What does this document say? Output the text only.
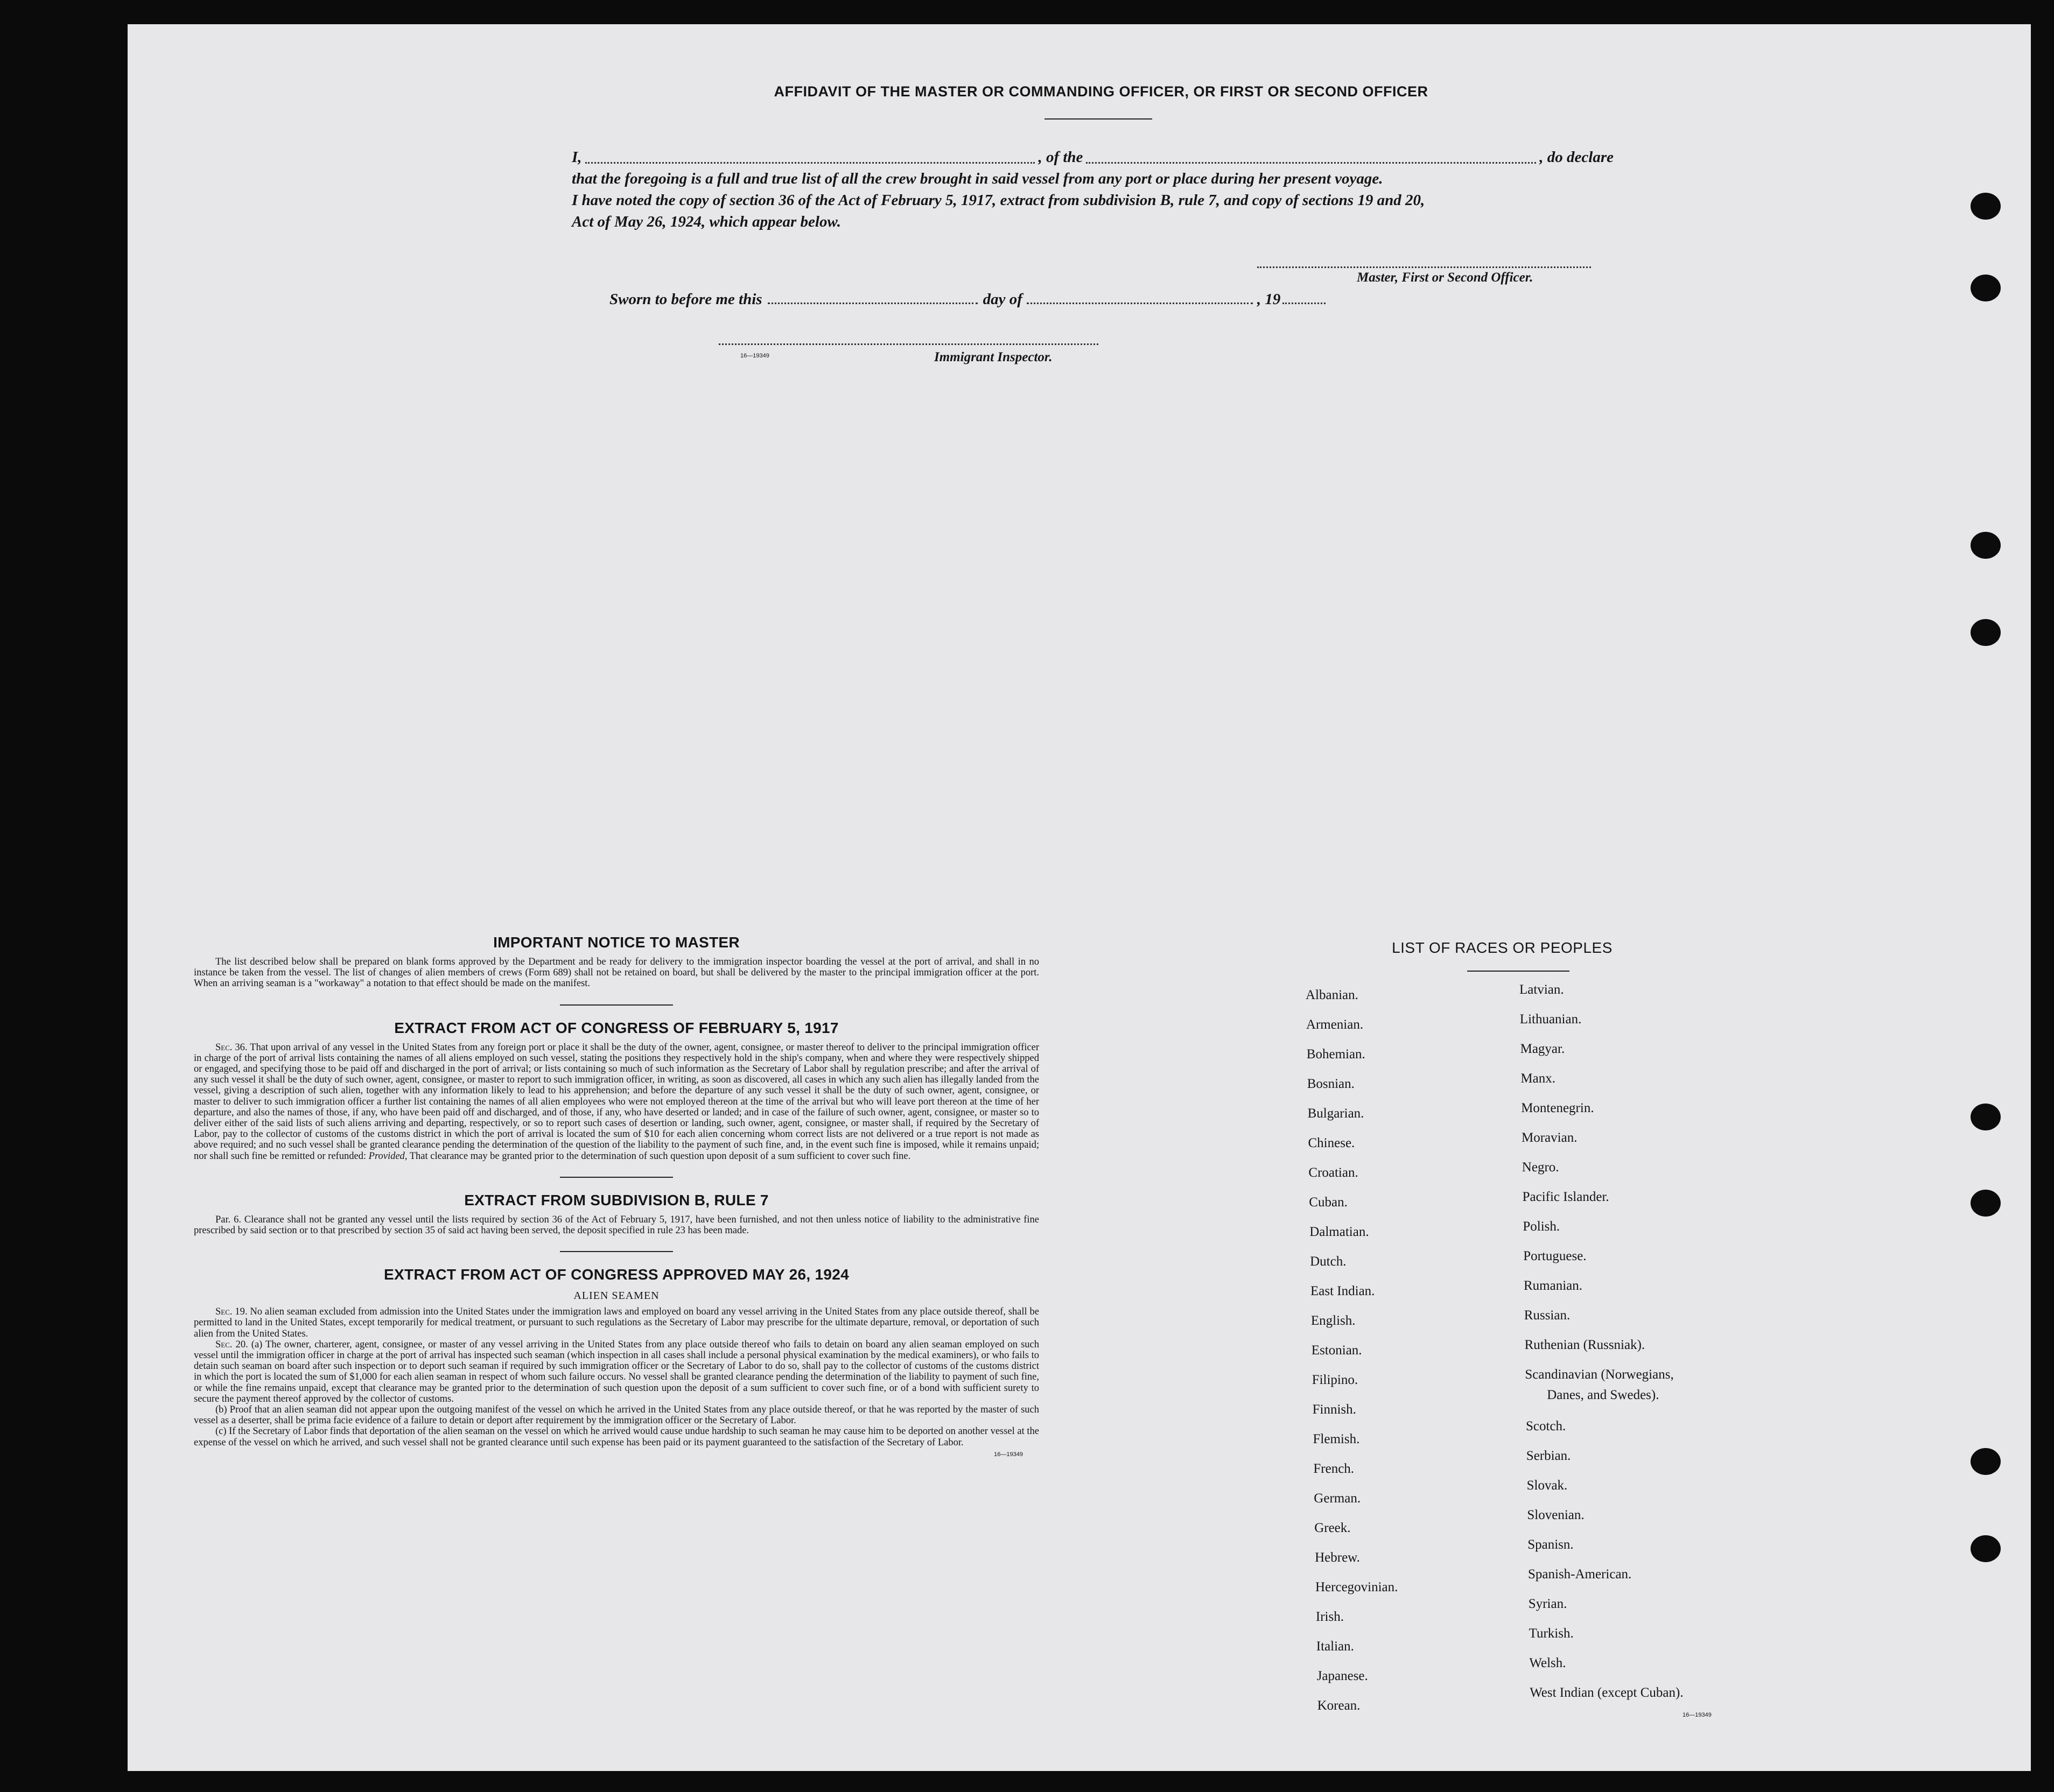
AFFIDAVIT OF THE MASTER OR COMMANDING OFFICER, OR FIRST OR SECOND OFFICER
I,	, of the	, do declare
that the foregoing is a full and true list of all the crew brought in said vessel from any port or place during her present voyage.
I have noted the copy of section 36 of the Act of February 5, 1917, extract from subdivision B, rule 7, and copy of sections 19 and 20,
Act of May 26, 1924, which appear below.
Master, First or Second Officer.
Sworn to before me this	day of	, 19
16—19349	Immigrant Inspector.
IMPORTANT NOTICE TO MASTER

The list described below shall be prepared on blank forms approved by the Department and be ready for delivery to the immigration inspector boarding the vessel at the port of arrival, and shall in no instance be taken from the vessel. The list of changes of alien members of crews (Form 689) shall not be retained on board, but shall be delivered by the master to the principal immigration officer at the port. When an arriving seaman is a "workaway" a notation to that effect should be made on the manifest.

EXTRACT FROM ACT OF CONGRESS OF FEBRUARY 5, 1917

Sec. 36. That upon arrival of any vessel in the United States from any foreign port or place it shall be the duty of the owner, agent, consignee, or master thereof to deliver to the principal immigration officer in charge of the port of arrival lists containing the names of all aliens employed on such vessel, stating the positions they respectively hold in the ship's company, when and where they were respectively shipped or engaged, and specifying those to be paid off and discharged in the port of arrival; or lists containing so much of such information as the Secretary of Labor shall by regulation prescribe; and after the arrival of any such vessel it shall be the duty of such owner, agent, consignee, or master to report to such immigration officer, in writing, as soon as discovered, all cases in which any such alien has illegally landed from the vessel, giving a description of such alien, together with any information likely to lead to his apprehension; and before the departure of any such vessel it shall be the duty of such owner, agent, consignee, or master to deliver to such immigration officer a further list containing the names of all alien employees who were not employed thereon at the time of the arrival but who will leave port thereon at the time of her departure, and also the names of those, if any, who have been paid off and discharged, and of those, if any, who have deserted or landed; and in case of the failure of such owner, agent, consignee, or master so to deliver either of the said lists of such aliens arriving and departing, respectively, or so to report such cases of desertion or landing, such owner, agent, consignee, or master shall, if required by the Secretary of Labor, pay to the collector of customs of the customs district in which the port of arrival is located the sum of $10 for each alien concerning whom correct lists are not delivered or a true report is not made as above required; and no such vessel shall be granted clearance pending the determination of the question of the liability to the payment of such fine, and, in the event such fine is imposed, while it remains unpaid; nor shall such fine be remitted or refunded: Provided, That clearance may be granted prior to the determination of such question upon deposit of a sum sufficient to cover such fine.

EXTRACT FROM SUBDIVISION B, RULE 7

Par. 6. Clearance shall not be granted any vessel until the lists required by section 36 of the Act of February 5, 1917, have been furnished, and not then unless notice of liability to the administrative fine prescribed by said section or to that prescribed by section 35 of said act having been served, the deposit specified in rule 23 has been made.

EXTRACT FROM ACT OF CONGRESS APPROVED MAY 26, 1924
ALIEN SEAMEN

Sec. 19. No alien seaman excluded from admission into the United States under the immigration laws and employed on board any vessel arriving in the United States from any place outside thereof, shall be permitted to land in the United States, except temporarily for medical treatment, or pursuant to such regulations as the Secretary of Labor may prescribe for the ultimate departure, removal, or deportation of such alien from the United States.

Sec. 20. (a) The owner, charterer, agent, consignee, or master of any vessel arriving in the United States from any place outside thereof who fails to detain on board any alien seaman employed on such vessel until the immigration officer in charge at the port of arrival has inspected such seaman (which inspection in all cases shall include a personal physical examination by the medical examiners), or who fails to detain such seaman on board after such inspection or to deport such seaman if required by such immigration officer or the Secretary of Labor to do so, shall pay to the collector of customs of the customs district in which the port is located the sum of $1,000 for each alien seaman in respect of whom such failure occurs. No vessel shall be granted clearance pending the determination of the liability to payment of such fine, or while the fine remains unpaid, except that clearance may be granted prior to the determination of such question upon the deposit of a sum sufficient to cover such fine, or of a bond with sufficient surety to secure the payment thereof approved by the collector of customs.

(b) Proof that an alien seaman did not appear upon the outgoing manifest of the vessel on which he arrived in the United States from any place outside thereof, or that he was reported by the master of such vessel as a deserter, shall be prima facie evidence of a failure to detain or deport after requirement by the immigration officer or the Secretary of Labor.

(c) If the Secretary of Labor finds that deportation of the alien seaman on the vessel on which he arrived would cause undue hardship to such seaman he may cause him to be deported on another vessel at the expense of the vessel on which he arrived, and such vessel shall not be granted clearance until such expense has been paid or its payment guaranteed to the satisfaction of the Secretary of Labor.

16—19349
LIST OF RACES OR PEOPLES
Albanian.
Armenian.
Bohemian.
Bosnian.
Bulgarian.
Chinese.
Croatian.
Cuban.
Dalmatian.
Dutch.
East Indian.
English.
Estonian.
Filipino.
Finnish.
Flemish.
French.
German.
Greek.
Hebrew.
Hercegovinian.
Irish.
Italian.
Japanese.
Korean.
Latvian.
Lithuanian.
Magyar.
Manx.
Montenegrin.
Moravian.
Negro.
Pacific Islander.
Polish.
Portuguese.
Rumanian.
Russian.
Ruthenian (Russniak).
Scandinavian (Norwegians,
Danes, and Swedes).
Scotch.
Serbian.
Slovak.
Slovenian.
Spanisn.
Spanish-American.
Syrian.
Turkish.
Welsh.
West Indian (except Cuban).
16—19349
